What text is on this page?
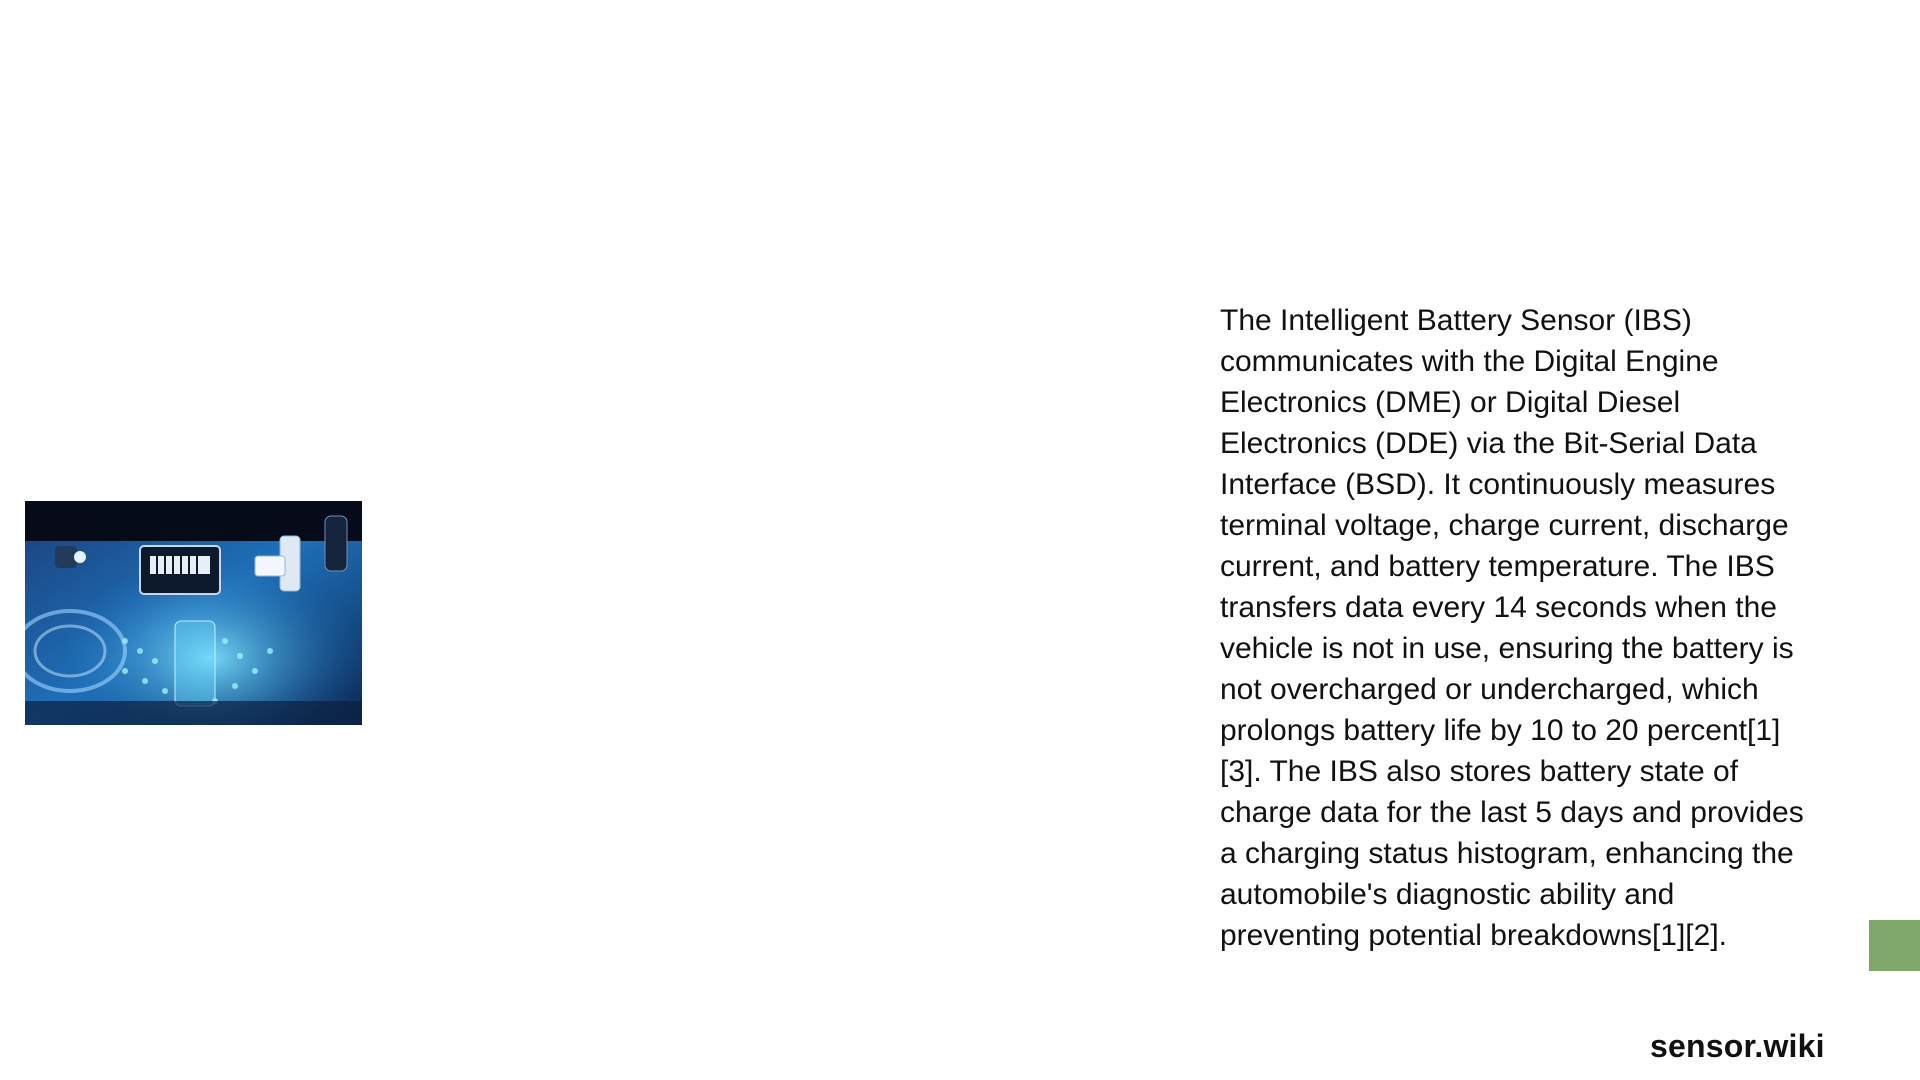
The Intelligent Battery Sensor (IBS) communicates with the Digital Engine Electronics (DME) or Digital Diesel Electronics (DDE) via the Bit-Serial Data Interface (BSD). It continuously measures terminal voltage, charge current, discharge current, and battery temperature. The IBS transfers data every 14 seconds when the vehicle is not in use, ensuring the battery is not overcharged or undercharged, which prolongs battery life by 10 to 20 percent[1][3]. The IBS also stores battery state of charge data for the last 5 days and provides a charging status histogram, enhancing the automobile's diagnostic ability and preventing potential breakdowns[1][2].

sensor.wiki
